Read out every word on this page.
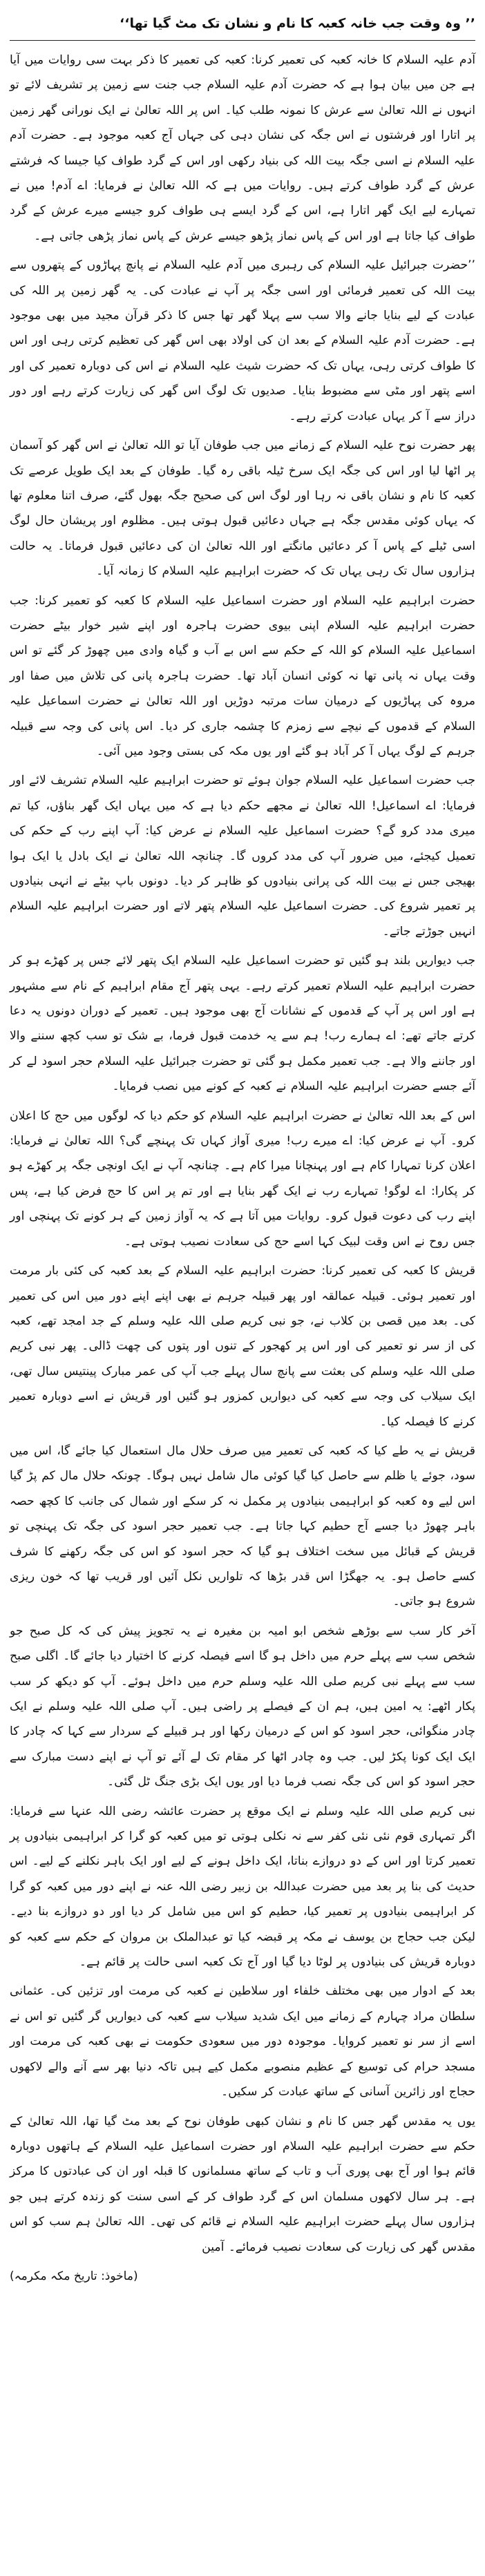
’’ وہ وقت جب خانہ کعبہ کا نام و نشان تک مٹ گیا تھا‘‘

آدم علیہ السلام کا خانہ کعبہ کی تعمیر کرنا: کعبہ کی تعمیر کا ذکر بہت سی روایات میں آیا ہے جن میں بیان ہوا ہے کہ حضرت آدم علیہ السلام جب جنت سے زمین پر تشریف لائے تو انہوں نے اللہ تعالیٰ سے عرش کا نمونہ طلب کیا۔ اس پر اللہ تعالیٰ نے ایک نورانی گھر زمین پر اتارا اور فرشتوں نے اس جگہ کی نشان دہی کی جہاں آج کعبہ موجود ہے۔ حضرت آدم علیہ السلام نے اسی جگہ بیت اللہ کی بنیاد رکھی اور اس کے گرد طواف کیا جیسا کہ فرشتے عرش کے گرد طواف کرتے ہیں۔ روایات میں ہے کہ اللہ تعالیٰ نے فرمایا: اے آدم! میں نے تمہارے لیے ایک گھر اتارا ہے، اس کے گرد ایسے ہی طواف کرو جیسے میرے عرش کے گرد طواف کیا جاتا ہے اور اس کے پاس نماز پڑھو جیسے عرش کے پاس نماز پڑھی جاتی ہے۔

’’حضرت جبرائیل علیہ السلام کی رہبری میں آدم علیہ السلام نے پانچ پہاڑوں کے پتھروں سے بیت اللہ کی تعمیر فرمائی اور اسی جگہ پر آپ نے عبادت کی۔ یہ گھر زمین پر اللہ کی عبادت کے لیے بنایا جانے والا سب سے پہلا گھر تھا جس کا ذکر قرآن مجید میں بھی موجود ہے۔ حضرت آدم علیہ السلام کے بعد ان کی اولاد بھی اس گھر کی تعظیم کرتی رہی اور اس کا طواف کرتی رہی، یہاں تک کہ حضرت شیث علیہ السلام نے اس کی دوبارہ تعمیر کی اور اسے پتھر اور مٹی سے مضبوط بنایا۔ صدیوں تک لوگ اس گھر کی زیارت کرتے رہے اور دور دراز سے آ کر یہاں عبادت کرتے رہے۔

پھر حضرت نوح علیہ السلام کے زمانے میں جب طوفان آیا تو اللہ تعالیٰ نے اس گھر کو آسمان پر اٹھا لیا اور اس کی جگہ ایک سرخ ٹیلہ باقی رہ گیا۔ طوفان کے بعد ایک طویل عرصے تک کعبہ کا نام و نشان باقی نہ رہا اور لوگ اس کی صحیح جگہ بھول گئے، صرف اتنا معلوم تھا کہ یہاں کوئی مقدس جگہ ہے جہاں دعائیں قبول ہوتی ہیں۔ مظلوم اور پریشان حال لوگ اسی ٹیلے کے پاس آ کر دعائیں مانگتے اور اللہ تعالیٰ ان کی دعائیں قبول فرماتا۔ یہ حالت ہزاروں سال تک رہی یہاں تک کہ حضرت ابراہیم علیہ السلام کا زمانہ آیا۔

حضرت ابراہیم علیہ السلام اور حضرت اسماعیل علیہ السلام کا کعبہ کو تعمیر کرنا: جب حضرت ابراہیم علیہ السلام اپنی بیوی حضرت ہاجرہ اور اپنے شیر خوار بیٹے حضرت اسماعیل علیہ السلام کو اللہ کے حکم سے اس بے آب و گیاہ وادی میں چھوڑ کر گئے تو اس وقت یہاں نہ پانی تھا نہ کوئی انسان آباد تھا۔ حضرت ہاجرہ پانی کی تلاش میں صفا اور مروہ کی پہاڑیوں کے درمیان سات مرتبہ دوڑیں اور اللہ تعالیٰ نے حضرت اسماعیل علیہ السلام کے قدموں کے نیچے سے زمزم کا چشمہ جاری کر دیا۔ اس پانی کی وجہ سے قبیلہ جرہم کے لوگ یہاں آ کر آباد ہو گئے اور یوں مکہ کی بستی وجود میں آئی۔

جب حضرت اسماعیل علیہ السلام جوان ہوئے تو حضرت ابراہیم علیہ السلام تشریف لائے اور فرمایا: اے اسماعیل! اللہ تعالیٰ نے مجھے حکم دیا ہے کہ میں یہاں ایک گھر بناؤں، کیا تم میری مدد کرو گے؟ حضرت اسماعیل علیہ السلام نے عرض کیا: آپ اپنے رب کے حکم کی تعمیل کیجئے، میں ضرور آپ کی مدد کروں گا۔ چنانچہ اللہ تعالیٰ نے ایک بادل یا ایک ہوا بھیجی جس نے بیت اللہ کی پرانی بنیادوں کو ظاہر کر دیا۔ دونوں باپ بیٹے نے انہی بنیادوں پر تعمیر شروع کی۔ حضرت اسماعیل علیہ السلام پتھر لاتے اور حضرت ابراہیم علیہ السلام انہیں جوڑتے جاتے۔

جب دیواریں بلند ہو گئیں تو حضرت اسماعیل علیہ السلام ایک پتھر لائے جس پر کھڑے ہو کر حضرت ابراہیم علیہ السلام تعمیر کرتے رہے۔ یہی پتھر آج مقام ابراہیم کے نام سے مشہور ہے اور اس پر آپ کے قدموں کے نشانات آج بھی موجود ہیں۔ تعمیر کے دوران دونوں یہ دعا کرتے جاتے تھے: اے ہمارے رب! ہم سے یہ خدمت قبول فرما، بے شک تو سب کچھ سننے والا اور جاننے والا ہے۔ جب تعمیر مکمل ہو گئی تو حضرت جبرائیل علیہ السلام حجر اسود لے کر آئے جسے حضرت ابراہیم علیہ السلام نے کعبہ کے کونے میں نصب فرمایا۔

اس کے بعد اللہ تعالیٰ نے حضرت ابراہیم علیہ السلام کو حکم دیا کہ لوگوں میں حج کا اعلان کرو۔ آپ نے عرض کیا: اے میرے رب! میری آواز کہاں تک پہنچے گی؟ اللہ تعالیٰ نے فرمایا: اعلان کرنا تمہارا کام ہے اور پہنچانا میرا کام ہے۔ چنانچہ آپ نے ایک اونچی جگہ پر کھڑے ہو کر پکارا: اے لوگو! تمہارے رب نے ایک گھر بنایا ہے اور تم پر اس کا حج فرض کیا ہے، پس اپنے رب کی دعوت قبول کرو۔ روایات میں آتا ہے کہ یہ آواز زمین کے ہر کونے تک پہنچی اور جس روح نے اس وقت لبیک کہا اسے حج کی سعادت نصیب ہوتی ہے۔

قریش کا کعبہ کی تعمیر کرنا: حضرت ابراہیم علیہ السلام کے بعد کعبہ کی کئی بار مرمت اور تعمیر ہوئی۔ قبیلہ عمالقہ اور پھر قبیلہ جرہم نے بھی اپنے اپنے دور میں اس کی تعمیر کی۔ بعد میں قصی بن کلاب نے، جو نبی کریم صلی اللہ علیہ وسلم کے جد امجد تھے، کعبہ کی از سر نو تعمیر کی اور اس پر کھجور کے تنوں اور پتوں کی چھت ڈالی۔ پھر نبی کریم صلی اللہ علیہ وسلم کی بعثت سے پانچ سال پہلے جب آپ کی عمر مبارک پینتیس سال تھی، ایک سیلاب کی وجہ سے کعبہ کی دیواریں کمزور ہو گئیں اور قریش نے اسے دوبارہ تعمیر کرنے کا فیصلہ کیا۔

قریش نے یہ طے کیا کہ کعبہ کی تعمیر میں صرف حلال مال استعمال کیا جائے گا، اس میں سود، جوئے یا ظلم سے حاصل کیا گیا کوئی مال شامل نہیں ہوگا۔ چونکہ حلال مال کم پڑ گیا اس لیے وہ کعبہ کو ابراہیمی بنیادوں پر مکمل نہ کر سکے اور شمال کی جانب کا کچھ حصہ باہر چھوڑ دیا جسے آج حطیم کہا جاتا ہے۔ جب تعمیر حجر اسود کی جگہ تک پہنچی تو قریش کے قبائل میں سخت اختلاف ہو گیا کہ حجر اسود کو اس کی جگہ رکھنے کا شرف کسے حاصل ہو۔ یہ جھگڑا اس قدر بڑھا کہ تلواریں نکل آئیں اور قریب تھا کہ خون ریزی شروع ہو جاتی۔

آخر کار سب سے بوڑھے شخص ابو امیہ بن مغیرہ نے یہ تجویز پیش کی کہ کل صبح جو شخص سب سے پہلے حرم میں داخل ہو گا اسے فیصلہ کرنے کا اختیار دیا جائے گا۔ اگلی صبح سب سے پہلے نبی کریم صلی اللہ علیہ وسلم حرم میں داخل ہوئے۔ آپ کو دیکھ کر سب پکار اٹھے: یہ امین ہیں، ہم ان کے فیصلے پر راضی ہیں۔ آپ صلی اللہ علیہ وسلم نے ایک چادر منگوائی، حجر اسود کو اس کے درمیان رکھا اور ہر قبیلے کے سردار سے کہا کہ چادر کا ایک ایک کونا پکڑ لیں۔ جب وہ چادر اٹھا کر مقام تک لے آئے تو آپ نے اپنے دست مبارک سے حجر اسود کو اس کی جگہ نصب فرما دیا اور یوں ایک بڑی جنگ ٹل گئی۔

نبی کریم صلی اللہ علیہ وسلم نے ایک موقع پر حضرت عائشہ رضی اللہ عنہا سے فرمایا: اگر تمہاری قوم نئی نئی کفر سے نہ نکلی ہوتی تو میں کعبہ کو گرا کر ابراہیمی بنیادوں پر تعمیر کرتا اور اس کے دو دروازے بناتا، ایک داخل ہونے کے لیے اور ایک باہر نکلنے کے لیے۔ اس حدیث کی بنا پر بعد میں حضرت عبداللہ بن زبیر رضی اللہ عنہ نے اپنے دور میں کعبہ کو گرا کر ابراہیمی بنیادوں پر تعمیر کیا، حطیم کو اس میں شامل کر دیا اور دو دروازے بنا دیے۔ لیکن جب حجاج بن یوسف نے مکہ پر قبضہ کیا تو عبدالملک بن مروان کے حکم سے کعبہ کو دوبارہ قریش کی بنیادوں پر لوٹا دیا گیا اور آج تک کعبہ اسی حالت پر قائم ہے۔

بعد کے ادوار میں بھی مختلف خلفاء اور سلاطین نے کعبہ کی مرمت اور تزئین کی۔ عثمانی سلطان مراد چہارم کے زمانے میں ایک شدید سیلاب سے کعبہ کی دیواریں گر گئیں تو اس نے اسے از سر نو تعمیر کروایا۔ موجودہ دور میں سعودی حکومت نے بھی کعبہ کی مرمت اور مسجد حرام کی توسیع کے عظیم منصوبے مکمل کیے ہیں تاکہ دنیا بھر سے آنے والے لاکھوں حجاج اور زائرین آسانی کے ساتھ عبادت کر سکیں۔

یوں یہ مقدس گھر جس کا نام و نشان کبھی طوفان نوح کے بعد مٹ گیا تھا، اللہ تعالیٰ کے حکم سے حضرت ابراہیم علیہ السلام اور حضرت اسماعیل علیہ السلام کے ہاتھوں دوبارہ قائم ہوا اور آج بھی پوری آب و تاب کے ساتھ مسلمانوں کا قبلہ اور ان کی عبادتوں کا مرکز ہے۔ ہر سال لاکھوں مسلمان اس کے گرد طواف کر کے اسی سنت کو زندہ کرتے ہیں جو ہزاروں سال پہلے حضرت ابراہیم علیہ السلام نے قائم کی تھی۔ اللہ تعالیٰ ہم سب کو اس مقدس گھر کی زیارت کی سعادت نصیب فرمائے۔ آمین

(ماخوذ: تاریخ مکہ مکرمہ)
